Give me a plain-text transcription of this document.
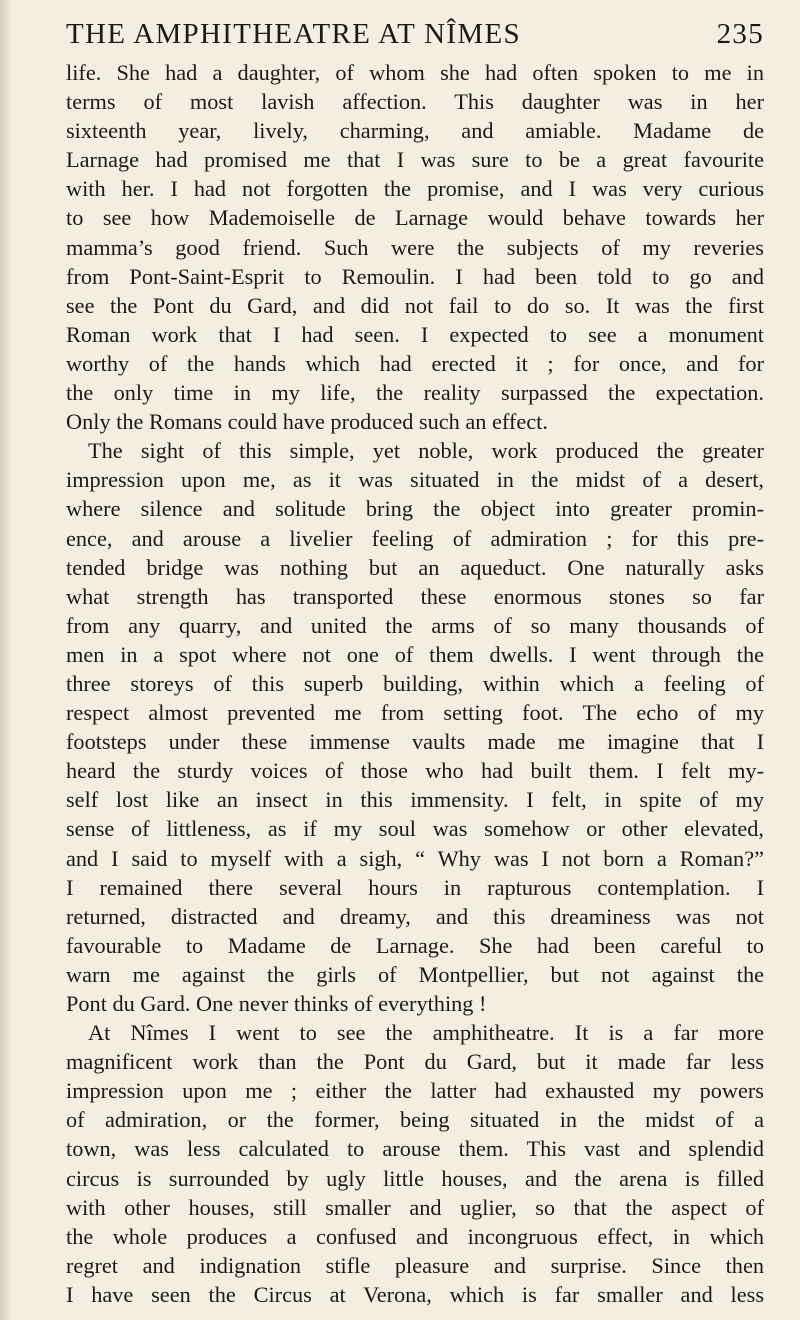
THE AMPHITHEATRE AT NÎMES	235
life. She had a daughter, of whom she had often spoken to me in
terms of most lavish affection. This daughter was in her
sixteenth year, lively, charming, and amiable. Madame de
Larnage had promised me that I was sure to be a great favourite
with her. I had not forgotten the promise, and I was very curious
to see how Mademoiselle de Larnage would behave towards her
mamma’s good friend. Such were the subjects of my reveries
from Pont-Saint-Esprit to Remoulin. I had been told to go and
see the Pont du Gard, and did not fail to do so. It was the first
Roman work that I had seen. I expected to see a monument
worthy of the hands which had erected it ; for once, and for
the only time in my life, the reality surpassed the expectation.
Only the Romans could have produced such an effect.
The sight of this simple, yet noble, work produced the greater
impression upon me, as it was situated in the midst of a desert,
where silence and solitude bring the object into greater promin-
ence, and arouse a livelier feeling of admiration ; for this pre-
tended bridge was nothing but an aqueduct. One naturally asks
what strength has transported these enormous stones so far
from any quarry, and united the arms of so many thousands of
men in a spot where not one of them dwells. I went through the
three storeys of this superb building, within which a feeling of
respect almost prevented me from setting foot. The echo of my
footsteps under these immense vaults made me imagine that I
heard the sturdy voices of those who had built them. I felt my-
self lost like an insect in this immensity. I felt, in spite of my
sense of littleness, as if my soul was somehow or other elevated,
and I said to myself with a sigh, “ Why was I not born a Roman?”
I remained there several hours in rapturous contemplation. I
returned, distracted and dreamy, and this dreaminess was not
favourable to Madame de Larnage. She had been careful to
warn me against the girls of Montpellier, but not against the
Pont du Gard. One never thinks of everything !
At Nîmes I went to see the amphitheatre. It is a far more
magnificent work than the Pont du Gard, but it made far less
impression upon me ; either the latter had exhausted my powers
of admiration, or the former, being situated in the midst of a
town, was less calculated to arouse them. This vast and splendid
circus is surrounded by ugly little houses, and the arena is filled
with other houses, still smaller and uglier, so that the aspect of
the whole produces a confused and incongruous effect, in which
regret and indignation stifle pleasure and surprise. Since then
I have seen the Circus at Verona, which is far smaller and less
